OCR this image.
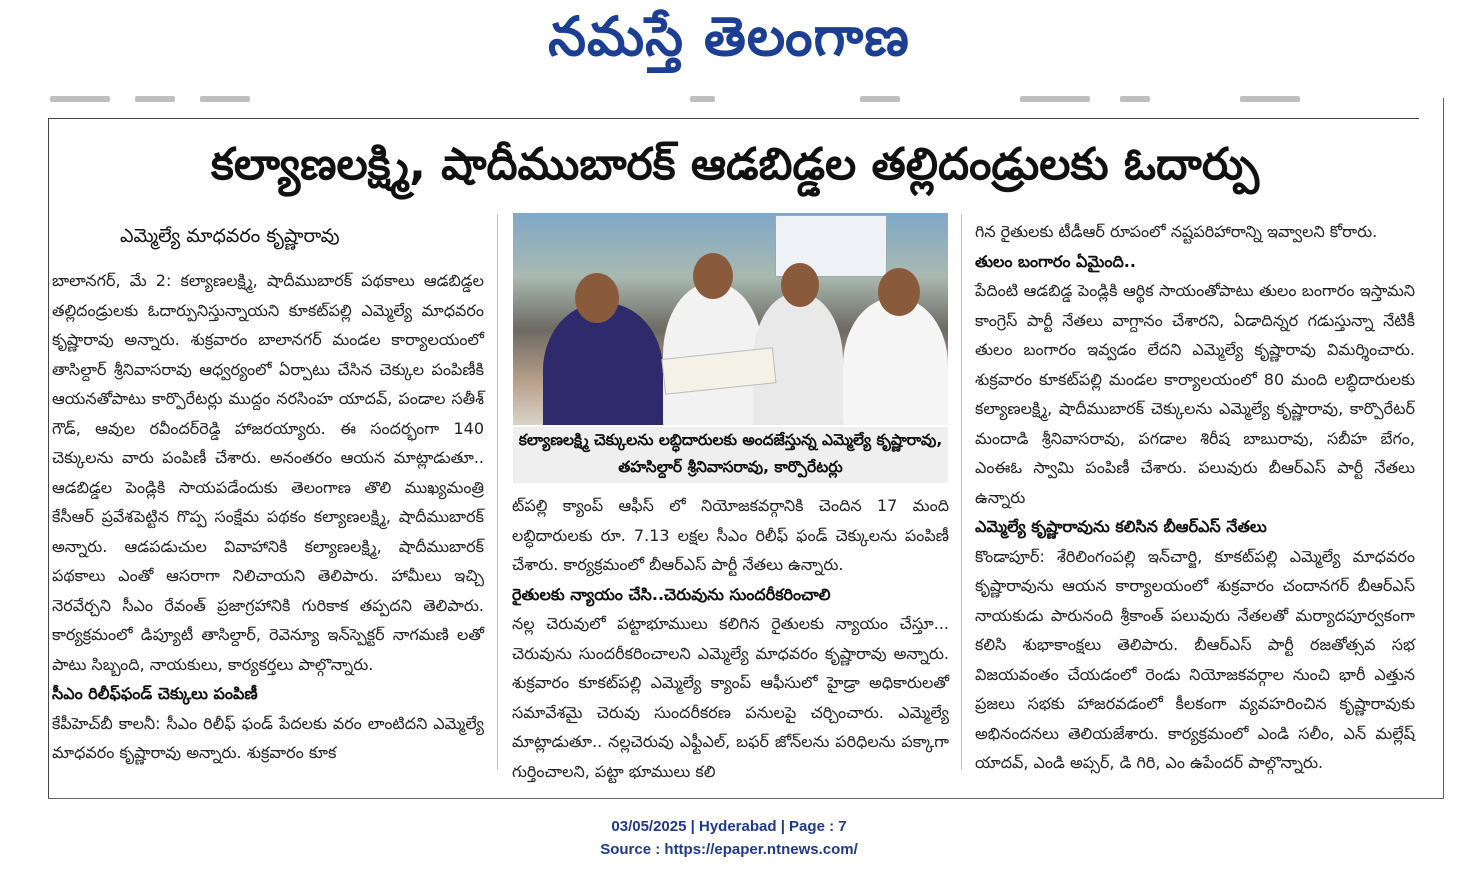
నమస్తే తెలంగాణ
కల్యాణలక్ష్మి, షాదీముబారక్ ఆడబిడ్డల తల్లిదండ్రులకు ఓదార్పు
ఎమ్మెల్యే మాధవరం కృష్ణారావు

బాలానగర్, మే 2: కల్యాణలక్ష్మి, షాదీముబారక్ పథకాలు ఆడబిడ్డల తల్లిదండ్రులకు ఓదార్పునిస్తున్నాయని కూకట్‌పల్లి ఎమ్మెల్యే మాధవరం కృష్ణారావు అన్నారు. శుక్రవారం బాలానగర్ మండల కార్యాలయంలో తాసిల్దార్ శ్రీనివాసరావు ఆధ్వర్యంలో ఏర్పాటు చేసిన చెక్కుల పంపిణీకి ఆయనతోపాటు కార్పొరేటర్లు ముద్దం నరసింహ యాదవ్, పండాల సతీశ్ గౌడ్, ఆవుల రవీందర్‌రెడ్డి హాజరయ్యారు. ఈ సందర్భంగా 140 చెక్కులను వారు పంపిణీ చేశారు. అనంతరం ఆయన మాట్లాడుతూ.. ఆడబిడ్డల పెండ్లికి సాయపడేందుకు తెలంగాణ తొలి ముఖ్యమంత్రి కేసీఆర్ ప్రవేశపెట్టిన గొప్ప సంక్షేమ పథకం కల్యాణలక్ష్మి, షాదీముబారక్ అన్నారు. ఆడపడుచుల వివాహానికి కల్యాణలక్ష్మి, షాదీముబారక్ పథకాలు ఎంతో ఆసరాగా నిలిచాయని తెలిపారు. హామీలు ఇచ్చి నెరవేర్చని సీఎం రేవంత్ ప్రజాగ్రహానికి గురికాక తప్పదని తెలిపారు. కార్యక్రమంలో డిప్యూటీ తాసిల్దార్, రెవెన్యూ ఇన్‌స్పెక్టర్ నాగమణి లతో పాటు సిబ్బంది, నాయకులు, కార్యకర్తలు పాల్గొన్నారు.

సీఎం రిలీఫ్‌ఫండ్ చెక్కులు పంపిణీ

కేపీహెచ్‌బీ కాలనీ: సీఎం రిలీఫ్ ఫండ్ పేదలకు వరం లాంటిదని ఎమ్మెల్యే మాధవరం కృష్ణారావు అన్నారు. శుక్రవారం కూక

కల్యాణలక్ష్మి చెక్కులను లబ్ధిదారులకు అందజేస్తున్న ఎమ్మెల్యే కృష్ణారావు, తహసిల్దార్ శ్రీనివాసరావు, కార్పొరేటర్లు

ట్‌పల్లి క్యాంప్ ఆఫీస్ లో నియోజకవర్గానికి చెందిన 17 మంది లబ్ధిదారులకు రూ. 7.13 లక్షల సీఎం రిలీఫ్ ఫండ్ చెక్కులను పంపిణీ చేశారు. కార్యక్రమంలో బీఆర్ఎస్ పార్టీ నేతలు ఉన్నారు.

రైతులకు న్యాయం చేసి..చెరువును సుందరీకరించాలి

నల్ల చెరువులో పట్టాభూములు కలిగిన రైతులకు న్యాయం చేస్తూ... చెరువును సుందరీకరించాలని ఎమ్మెల్యే మాధవరం కృష్ణారావు అన్నారు. శుక్రవారం కూకట్‌పల్లి ఎమ్మెల్యే క్యాంప్ ఆఫీసులో హైడ్రా అధికారులతో సమావేశమై చెరువు సుందరీకరణ పనులపై చర్చించారు. ఎమ్మెల్యే మాట్లాడుతూ.. నల్లచెరువు ఎఫ్టీఎల్, బఫర్ జోన్‌లను పరిధిలను పక్కాగా గుర్తించాలని, పట్టా భూములు కలి

గిన రైతులకు టీడీఆర్ రూపంలో నష్టపరిహారాన్ని ఇవ్వాలని కోరారు.

తులం బంగారం ఏమైంది..

పేదింటి ఆడబిడ్డ పెండ్లికి ఆర్థిక సాయంతోపాటు తులం బంగారం ఇస్తామని కాంగ్రెస్ పార్టీ నేతలు వాగ్దానం చేశారని, ఏడాదిన్నర గడుస్తున్నా నేటికీ తులం బంగారం ఇవ్వడం లేదని ఎమ్మెల్యే కృష్ణారావు విమర్శించారు. శుక్రవారం కూకట్‌పల్లి మండల కార్యాలయంలో 80 మంది లబ్ధిదారులకు కల్యాణలక్ష్మి, షాదీముబారక్ చెక్కులను ఎమ్మెల్యే కృష్ణారావు, కార్పొరేటర్ మందాడి శ్రీనివాసరావు, పగడాల శిరీష బాబురావు, సబీహ బేగం, ఎంఈఓ స్వామి పంపిణీ చేశారు. పలువురు బీఆర్ఎస్ పార్టీ నేతలు ఉన్నారు

ఎమ్మెల్యే కృష్ణారావును కలిసిన బీఆర్ఎస్ నేతలు

కొండాపూర్: శేరిలింగంపల్లి ఇన్‌చార్జి, కూకట్‌పల్లి ఎమ్మెల్యే మాధవరం కృష్ణారావును ఆయన కార్యాలయంలో శుక్రవారం చందానగర్ బీఆర్ఎస్ నాయకుడు పారునంది శ్రీకాంత్ పలువురు నేతలతో మర్యాదపూర్వకంగా కలిసి శుభాకాంక్షలు తెలిపారు. బీఆర్ఎస్ పార్టీ రజతోత్సవ సభ విజయవంతం చేయడంలో రెండు నియోజకవర్గాల నుంచి భారీ ఎత్తున ప్రజలు సభకు హాజరవడంలో కీలకంగా వ్యవహరించిన కృష్ణారావుకు అభినందనలు తెలియజేశారు. కార్యక్రమంలో ఎండి సలీం, ఎన్ మల్లేష్ యాదవ్, ఎండి అప్సర్, డి గిరి, ఎం ఉపేందర్ పాల్గొన్నారు.

03/05/2025 | Hyderabad | Page : 7
Source : https://epaper.ntnews.com/
